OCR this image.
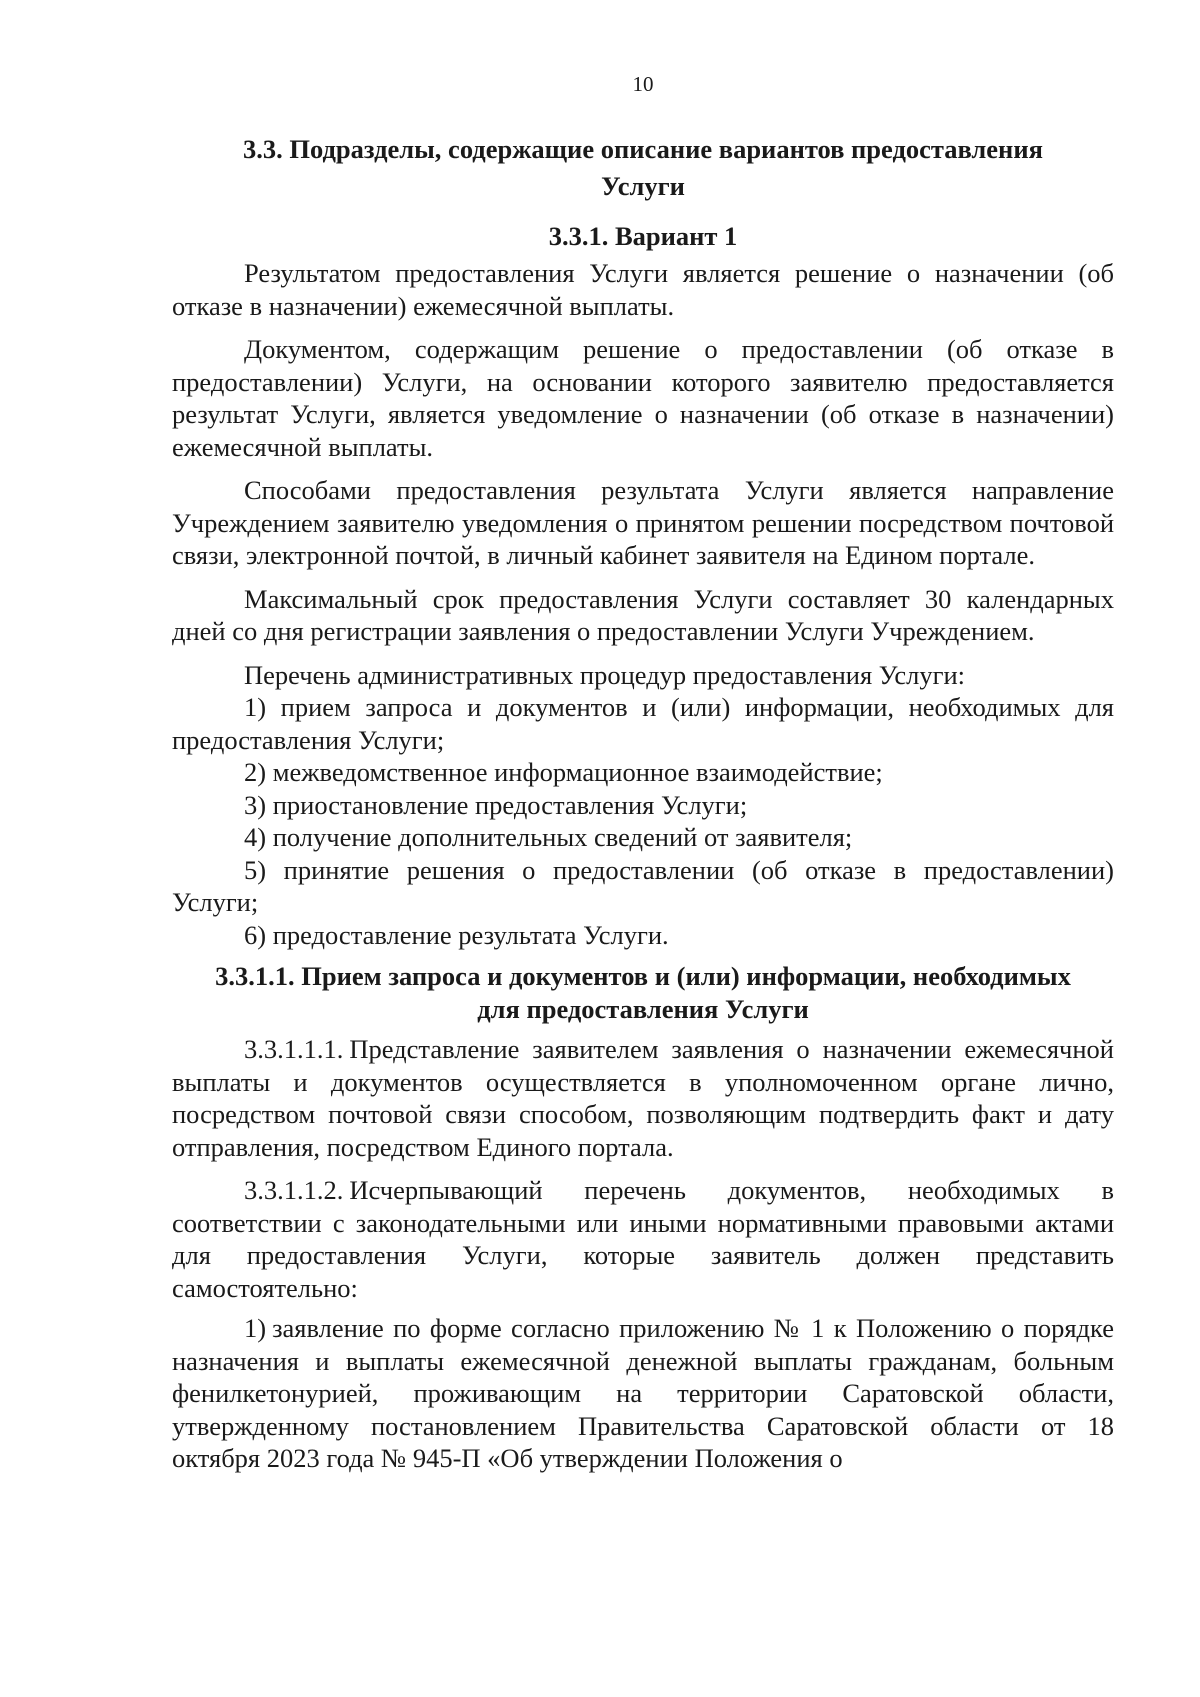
10
3.3. Подразделы, содержащие описание вариантов предоставления
Услуги
3.3.1. Вариант 1

Результатом предоставления Услуги является решение о назначении (об отказе в назначении) ежемесячной выплаты.

Документом, содержащим решение о предоставлении (об отказе в предоставлении) Услуги, на основании которого заявителю предоставляется результат Услуги, является уведомление о назначении (об отказе в назначении) ежемесячной выплаты.

Способами предоставления результата Услуги является направление Учреждением заявителю уведомления о принятом решении посредством почтовой связи, электронной почтой, в личный кабинет заявителя на Едином портале.

Максимальный срок предоставления Услуги составляет 30 календарных дней со дня регистрации заявления о предоставлении Услуги Учреждением.

Перечень административных процедур предоставления Услуги:

1) прием запроса и документов и (или) информации, необходимых для предоставления Услуги;

2) межведомственное информационное взаимодействие;

3) приостановление предоставления Услуги;

4) получение дополнительных сведений от заявителя;

5) принятие решения о предоставлении (об отказе в предоставлении) Услуги;

6) предоставление результата Услуги.

3.3.1.1. Прием запроса и документов и (или) информации, необходимых
для предоставления Услуги

3.3.1.1.1. Представление заявителем заявления о назначении ежемесячной выплаты и документов осуществляется в уполномоченном органе лично, посредством почтовой связи способом, позволяющим подтвердить факт и дату отправления, посредством Единого портала.

3.3.1.1.2. Исчерпывающий перечень документов, необходимых в соответствии с законодательными или иными нормативными правовыми актами для предоставления Услуги, которые заявитель должен представить самостоятельно:

1) заявление по форме согласно приложению № 1 к Положению о порядке назначения и выплаты ежемесячной денежной выплаты гражданам, больным фенилкетонурией, проживающим на территории Саратовской области, утвержденному постановлением Правительства Саратовской области от 18 октября 2023 года № 945-П «Об утверждении Положения о
